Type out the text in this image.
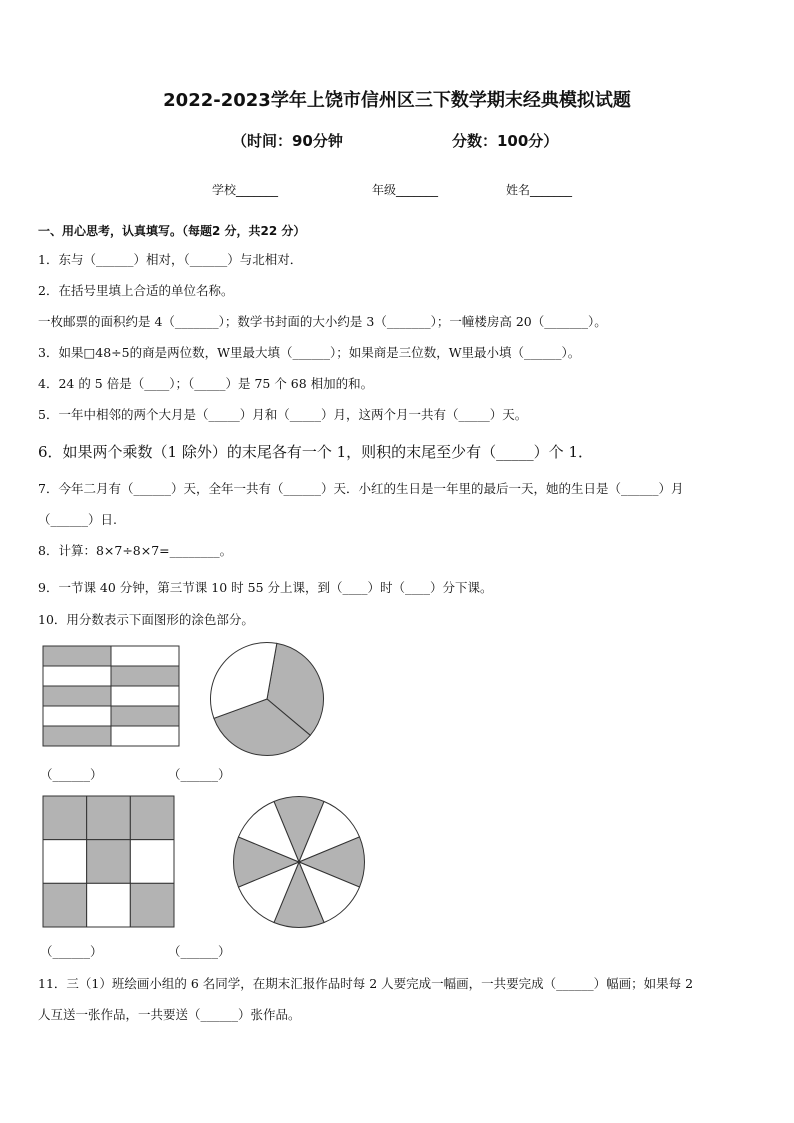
2022-2023学年上饶市信州区三下数学期末经典模拟试题
（时间：90分钟	分数：100分）
学校_______	年级_______	姓名_______
一、用心思考，认真填写。（每题2 分，共22 分）
1．东与（______）相对，（______）与北相对．
2．在括号里填上合适的单位名称。
一枚邮票的面积约是 4（_______）；数学书封面的大小约是 3（_______）；一幢楼房高 20（_______）。
3．如果□48÷5的商是两位数，W里最大填（______）；如果商是三位数，W里最小填（______）。
4．24 的 5 倍是（____）；（_____）是 75 个 68 相加的和。
5．一年中相邻的两个大月是（_____）月和（_____）月，这两个月一共有（_____）天。
6．如果两个乘数（1 除外）的末尾各有一个 1，则积的末尾至少有（_____）个 1．
7．今年二月有（______）天，全年一共有（______）天．小红的生日是一年里的最后一天，她的生日是（______）月
（______）日.
8．计算：8×7÷8×7=________。
9．一节课 40 分钟，第三节课 10 时 55 分上课，到（____）时（____）分下课。
10．用分数表示下面图形的涂色部分。
（______）	（______）
（______）	（______）
11．三（1）班绘画小组的 6 名同学，在期末汇报作品时每 2 人要完成一幅画，一共要完成（______）幅画；如果每 2
人互送一张作品，一共要送（______）张作品。
